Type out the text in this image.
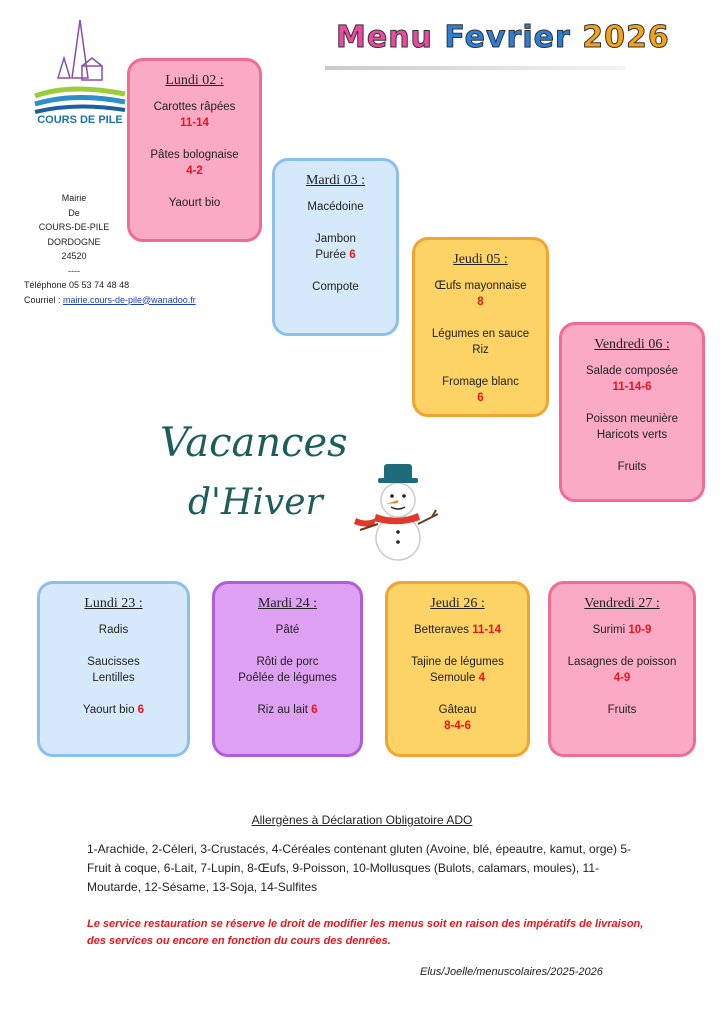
Menu Fevrier 2026
COURS DE PILE
Mairie
De
COURS-DE-PILE
DORDOGNE
24520
----
Téléphone 05 53 74 48 48
Courriel : mairie.cours-de-pile@wanadoo.fr
Lundi 02 :
Carottes râpées
11-14
Pâtes bolognaise
4-2
Yaourt bio
Mardi 03 :
Macédoine
Jambon
Purée 6
Compote
Jeudi 05 :
Œufs mayonnaise
8
Légumes en sauce
Riz
Fromage blanc
6
Vendredi 06 :
Salade composée
11-14-6
Poisson meunière
Haricots verts
Fruits
Vacances
d'Hiver
Lundi 23 :
Radis
Saucisses
Lentilles
Yaourt bio 6
Mardi 24 :
Pâté
Rôti de porc
Poêlée de légumes
Riz au lait 6
Jeudi 26 :
Betteraves 11-14
Tajine de légumes
Semoule 4
Gâteau
8-4-6
Vendredi 27 :
Surimi 10-9
Lasagnes de poisson
4-9
Fruits
Allergènes à Déclaration Obligatoire ADO
1-Arachide, 2-Céleri, 3-Crustacés, 4-Céréales contenant gluten (Avoine, blé, épeautre, kamut, orge) 5-Fruit à coque, 6-Lait, 7-Lupin, 8-Œufs, 9-Poisson, 10-Mollusques (Bulots, calamars, moules), 11-Moutarde, 12-Sésame, 13-Soja, 14-Sulfites
Le service restauration se réserve le droit de modifier les menus soit en raison des impératifs de livraison, des services ou encore en fonction du cours des denrées.
Elus/Joelle/menuscolaires/2025-2026
